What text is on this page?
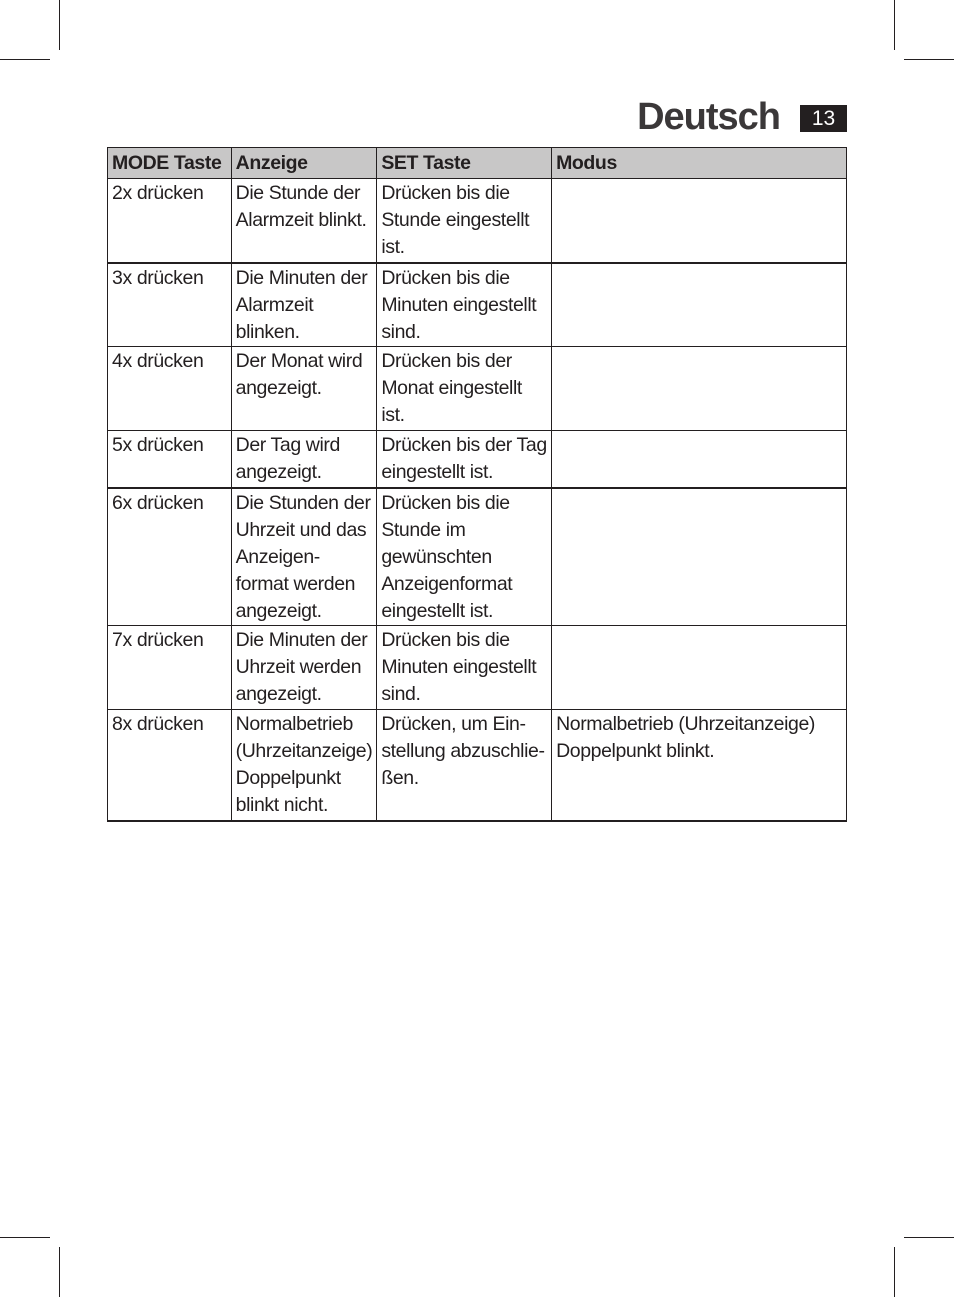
Deutsch	13
MODE Taste	Anzeige	SET Taste	Modus
2x drücken	Die Stunde der Alarmzeit blinkt.	Drücken bis die Stunde eingestellt ist.	
3x drücken	Die Minuten der Alarmzeit blinken.	Drücken bis die Minuten eingestellt sind.	
4x drücken	Der Monat wird angezeigt.	Drücken bis der Monat eingestellt ist.	
5x drücken	Der Tag wird angezeigt.	Drücken bis der Tag eingestellt ist.	
6x drücken	Die Stunden der Uhrzeit und das Anzeigen-format werden angezeigt.	Drücken bis die Stunde im gewünschten Anzeigenformat eingestellt ist.	
7x drücken	Die Minuten der Uhrzeit werden angezeigt.	Drücken bis die Minuten eingestellt sind.	
8x drücken	Normalbetrieb (Uhrzeitanzeige) Doppelpunkt blinkt nicht.	Drücken, um Ein-stellung abzuschlie-ßen.	Normalbetrieb (Uhrzeitanzeige) Doppelpunkt blinkt.
